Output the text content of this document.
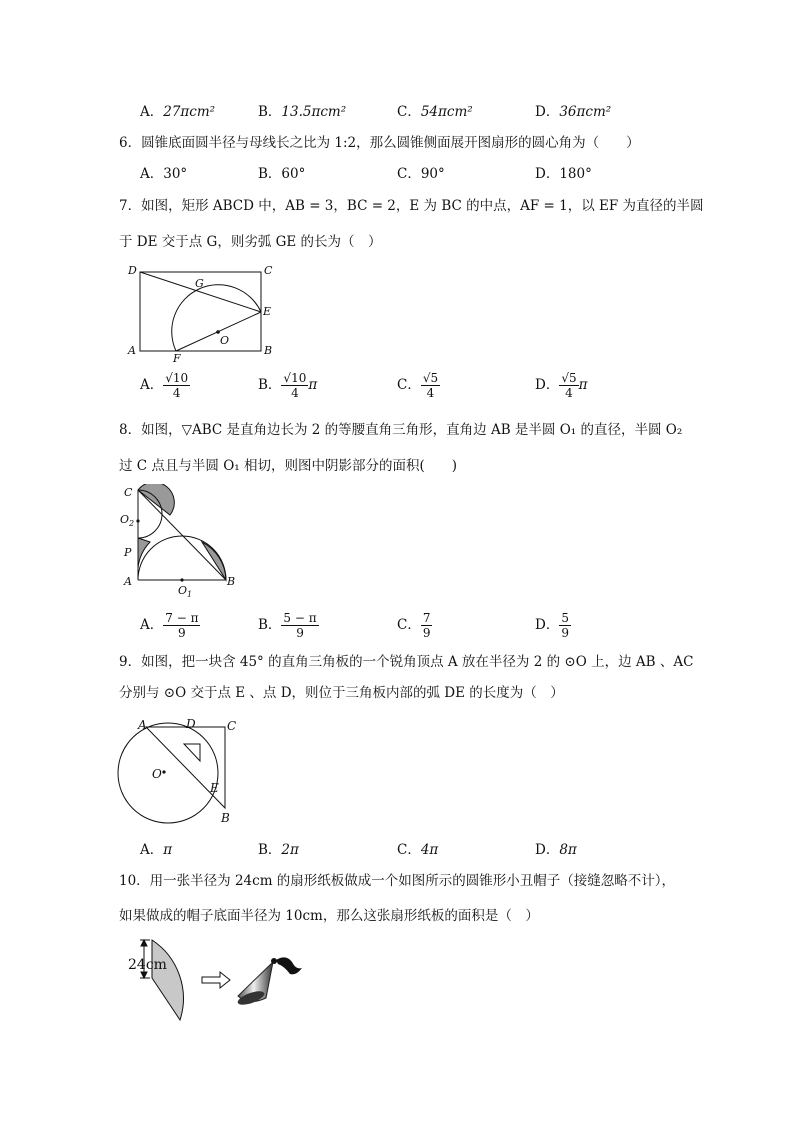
A．27πcm²	B．13.5πcm²	C．54πcm²	D．36πcm²
6．圆锥底面圆半径与母线长之比为 1:2，那么圆锥侧面展开图扇形的圆心角为（　　）
A．30°	B．60°	C．90°	D．180°
7．如图，矩形 ABCD 中，AB = 3，BC = 2，E 为 BC 的中点，AF = 1，以 EF 为直径的半圆
于 DE 交于点 G，则劣弧 GE 的长为（　）
D	C
G
E
O
A
F
B
A． $\frac{√10}{4}$	B． $\frac{√10}{4}$ π	C． $\frac{√5}{4}$	D． $\frac{√5}{4}$ π
8．如图，▽ABC 是直角边长为 2 的等腰直角三角形，直角边 AB 是半圆 O₁ 的直径，半圆 O₂
过 C 点且与半圆 O₁ 相切，则图中阴影部分的面积(　　)
C
$O_2$
P
A
$O_1$
B
A． $\frac{7 - \pi}{9}$	B． $\frac{5 - \pi}{9}$	C． $\frac{7}{9}$	D． $\frac{5}{9}$
9．如图，把一块含 45° 的直角三角板的一个锐角顶点 A 放在半径为 2 的 ⊙O 上，边 AB 、AC
分别与 ⊙O 交于点 E 、点 D，则位于三角板内部的弧 DE 的长度为（　）
A	D	C
O
E
B
A．π	B．2π	C．4π	D．8π
10．用一张半径为 24cm 的扇形纸板做成一个如图所示的圆锥形小丑帽子（接缝忽略不计），
如果做成的帽子底面半径为 10cm，那么这张扇形纸板的面积是（　）
24cm
